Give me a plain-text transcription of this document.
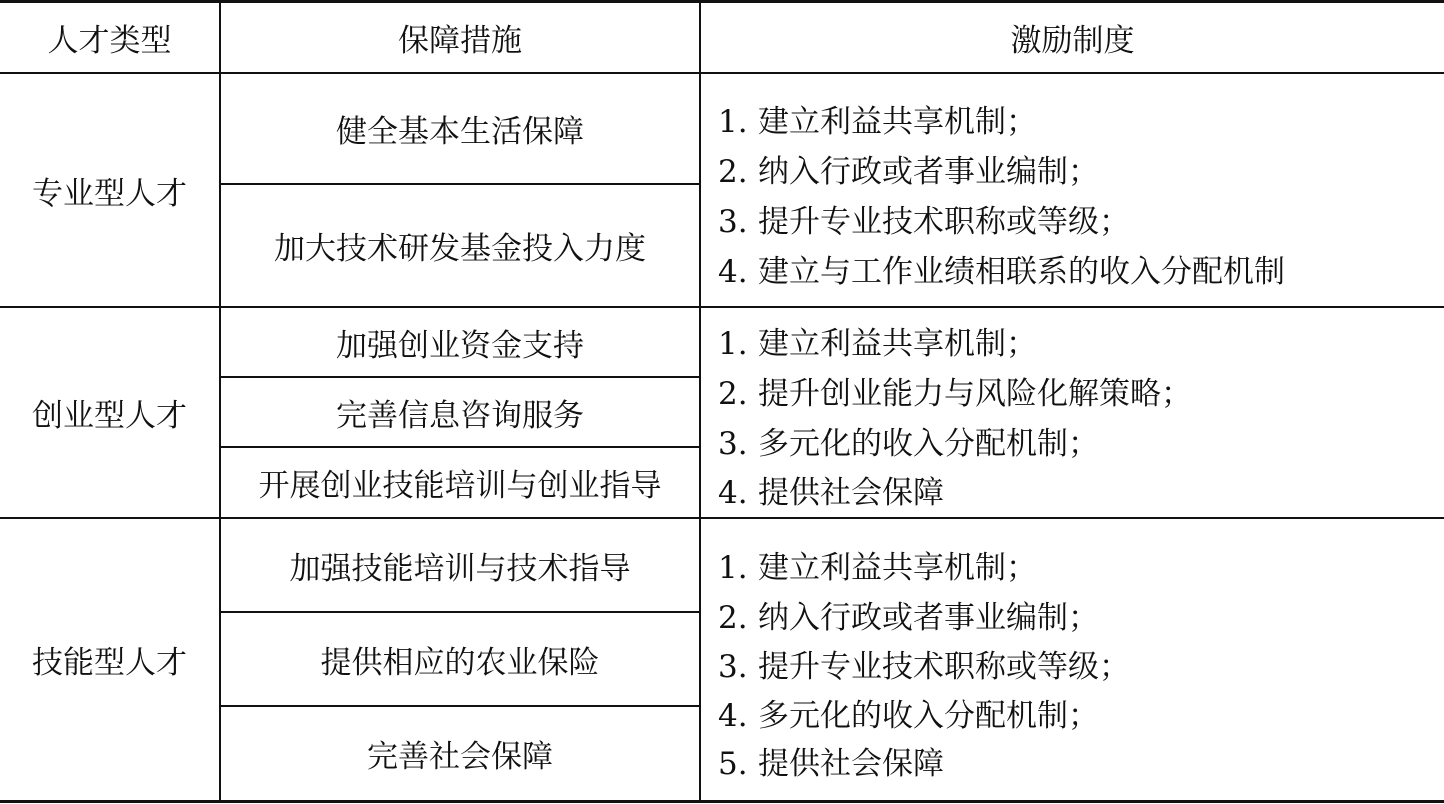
人才类型	保障措施	激励制度
专业型人才
健全基本生活保障
加大技术研发基金投入力度
1. 建立利益共享机制；
2. 纳入行政或者事业编制；
3. 提升专业技术职称或等级；
4. 建立与工作业绩相联系的收入分配机制
创业型人才
加强创业资金支持
完善信息咨询服务
开展创业技能培训与创业指导
1. 建立利益共享机制；
2. 提升创业能力与风险化解策略；
3. 多元化的收入分配机制；
4. 提供社会保障
技能型人才
加强技能培训与技术指导
提供相应的农业保险
完善社会保障
1. 建立利益共享机制；
2. 纳入行政或者事业编制；
3. 提升专业技术职称或等级；
4. 多元化的收入分配机制；
5. 提供社会保障
